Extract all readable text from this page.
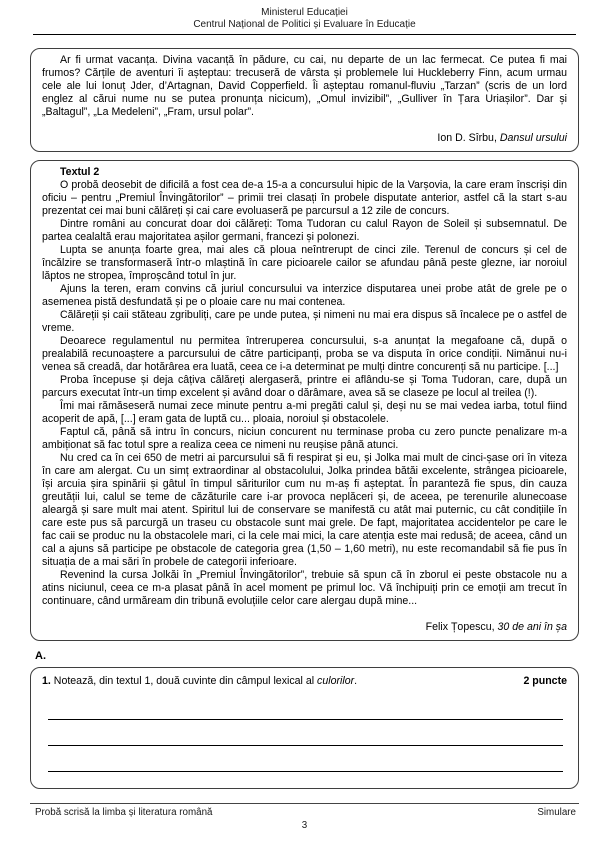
Ministerul Educației
Centrul Național de Politici și Evaluare în Educație

Ar fi urmat vacanța. Divina vacanță în pădure, cu cai, nu departe de un lac fermecat. Ce putea fi mai frumos? Cărțile de aventuri îi așteptau: trecuseră de vârsta și problemele lui Huckleberry Finn, acum urmau cele ale lui Ionuț Jder, d’Artagnan, David Copperfield. Îi așteptau romanul-fluviu „Tarzan” (scris de un lord englez al cărui nume nu se putea pronunța nicicum), „Omul invizibil”, „Gulliver în Țara Uriașilor”. Dar și „Baltagul”, „La Medeleni”, „Fram, ursul polar”.

Ion D. Sîrbu, Dansul ursului
Textul 2

O probă deosebit de dificilă a fost cea de-a 15-a a concursului hipic de la Varșovia, la care eram înscriși din oficiu – pentru „Premiul Învingătorilor” – primii trei clasați în probele disputate anterior, astfel că la start s-au prezentat cei mai buni călăreți și cai care evoluaseră pe parcursul a 12 zile de concurs.

Dintre români au concurat doar doi călăreți: Toma Tudoran cu calul Rayon de Soleil și subsemnatul. De partea cealaltă erau majoritatea așilor germani, francezi și polonezi.

Lupta se anunța foarte grea, mai ales că ploua neîntrerupt de cinci zile. Terenul de concurs și cel de încălzire se transformaseră într-o mlaștină în care picioarele cailor se afundau până peste glezne, iar noroiul lăptos ne stropea, împroșcând totul în jur.

Ajuns la teren, eram convins că juriul concursului va interzice disputarea unei probe atât de grele pe o asemenea pistă desfundată și pe o ploaie care nu mai contenea.

Călăreții și caii stăteau zgribuliți, care pe unde putea, și nimeni nu mai era dispus să încalece pe o astfel de vreme.

Deoarece regulamentul nu permitea întreruperea concursului, s-a anunțat la megafoane că, după o prealabilă recunoaștere a parcursului de către participanți, proba se va disputa în orice condiții. Nimănui nu-i venea să creadă, dar hotărârea era luată, ceea ce i-a determinat pe mulți dintre concurenți să nu participe. [...]

Proba începuse și deja câțiva călăreți alergaseră, printre ei aflându-se și Toma Tudoran, care, după un parcurs executat într-un timp excelent și având doar o dărâmare, avea să se claseze pe locul al treilea (!).

Îmi mai rămăseseră numai zece minute pentru a-mi pregăti calul și, deși nu se mai vedea iarba, totul fiind acoperit de apă, [...] eram gata de luptă cu... ploaia, noroiul și obstacolele.

Faptul că, până să intru în concurs, niciun concurent nu terminase proba cu zero puncte penalizare m-a ambiționat să fac totul spre a realiza ceea ce nimeni nu reușise până atunci.

Nu cred ca în cei 650 de metri ai parcursului să fi respirat și eu, și Jolka mai mult de cinci-șase ori în viteza în care am alergat. Cu un simț extraordinar al obstacolului, Jolka prindea bătăi excelente, strângea picioarele, își arcuia șira spinării și gâtul în timpul săriturilor cum nu m-aș fi așteptat. În paranteză fie spus, din cauza greutății lui, calul se teme de căzăturile care i-ar provoca neplăceri și, de aceea, pe terenurile alunecoase aleargă și sare mult mai atent. Spiritul lui de conservare se manifestă cu atât mai puternic, cu cât condițiile în care este pus să parcurgă un traseu cu obstacole sunt mai grele. De fapt, majoritatea accidentelor pe care le fac caii se produc nu la obstacolele mari, ci la cele mai mici, la care atenția este mai redusă; de aceea, când un cal a ajuns să participe pe obstacole de categoria grea (1,50 – 1,60 metri), nu este recomandabil să fie pus în situația de a mai sări în probele de categorii inferioare.

Revenind la cursa Jolkăi în „Premiul Învingătorilor”, trebuie să spun că în zborul ei peste obstacole nu a atins niciunul, ceea ce m-a plasat până în acel moment pe primul loc. Vă închipuiți prin ce emoții am trecut în continuare, când urmăream din tribună evoluțiile celor care alergau după mine...

Felix Țopescu, 30 de ani în șa
A.
1. Notează, din textul 1, două cuvinte din câmpul lexical al culorilor.	2 puncte
Probă scrisă la limba și literatura română	Simulare
3
